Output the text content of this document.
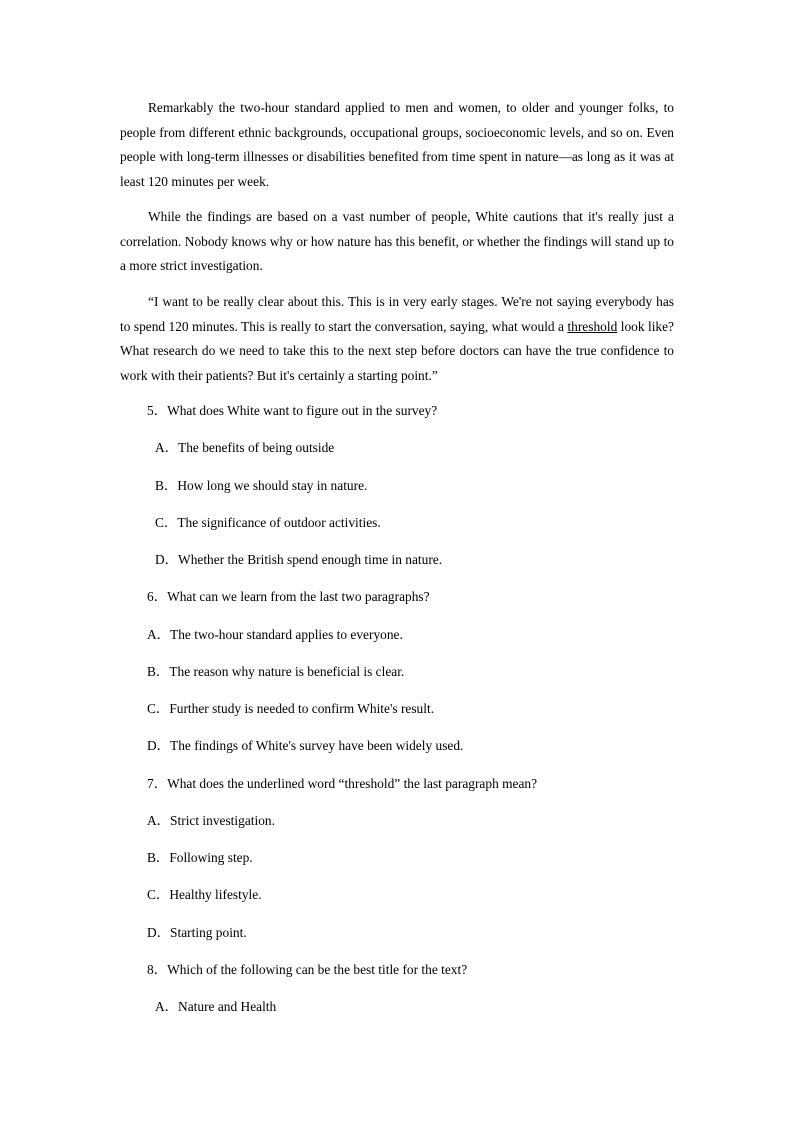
Remarkably the two-hour standard applied to men and women, to older and younger folks, to people from different ethnic backgrounds, occupational groups, socioeconomic levels, and so on. Even people with long-term illnesses or disabilities benefited from time spent in nature—as long as it was at least 120 minutes per week.

While the findings are based on a vast number of people, White cautions that it's really just a correlation. Nobody knows why or how nature has this benefit, or whether the findings will stand up to a more strict investigation.

“I want to be really clear about this. This is in very early stages. We're not saying everybody has to spend 120 minutes. This is really to start the conversation, saying, what would a threshold look like? What research do we need to take this to the next step before doctors can have the true confidence to work with their patients? But it's certainly a starting point.”

5．What does White want to figure out in the survey?

A．The benefits of being outside

B．How long we should stay in nature.

C．The significance of outdoor activities.

D．Whether the British spend enough time in nature.

6．What can we learn from the last two paragraphs?

A．The two-hour standard applies to everyone.

B．The reason why nature is beneficial is clear.

C．Further study is needed to confirm White's result.

D．The findings of White's survey have been widely used.

7．What does the underlined word “threshold” the last paragraph mean?

A．Strict investigation.

B．Following step.

C．Healthy lifestyle.

D．Starting point.

8．Which of the following can be the best title for the text?

A．Nature and Health
